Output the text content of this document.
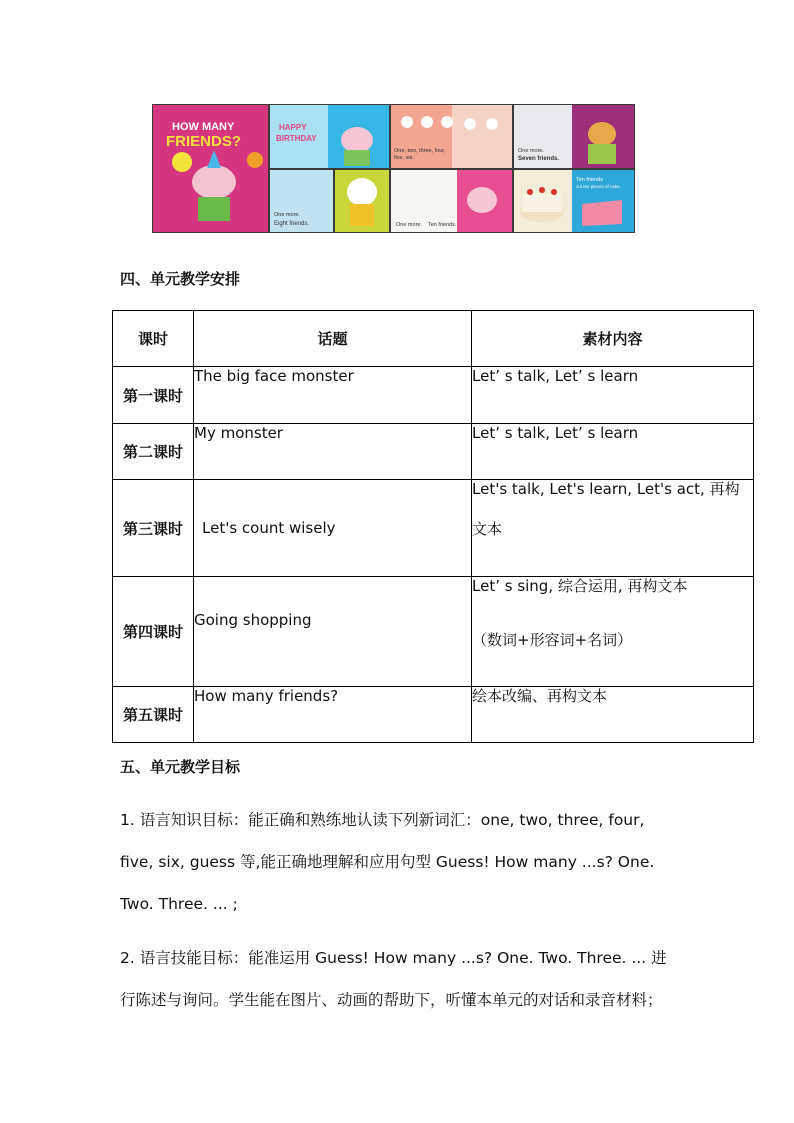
HOW MANY
FRIENDS?
HAPPY
BIRTHDAY
One, two, three, four,
five, six.
One more.
Seven friends.
One more.
Eight friends.	One more. Ten friends.
Ten friends
cut ten pieces of cake.
四、单元教学安排
课时	话题	素材内容
第一课时	The big face monster	Let’ s talk, Let’ s learn

第二课时	My monster	Let’ s talk, Let’ s learn

第三课时	Let's count wisely	Let's talk, Let's learn, Let's act, 再构
文本

第四课时	Going shopping	Let’ s sing, 综合运用, 再构文本
（数词+形容词+名词）

第五课时	How many friends?	绘本改编、再构文本
五、单元教学目标
1. 语言知识目标：能正确和熟练地认读下列新词汇：one, two, three, four,
five, six, guess 等,能正确地理解和应用句型 Guess! How many ...s? One.
Two. Three. ... ;
2. 语言技能目标：能准运用 Guess! How many ...s? One. Two. Three. ... 进
行陈述与询问。学生能在图片、动画的帮助下，听懂本单元的对话和录音材料；
